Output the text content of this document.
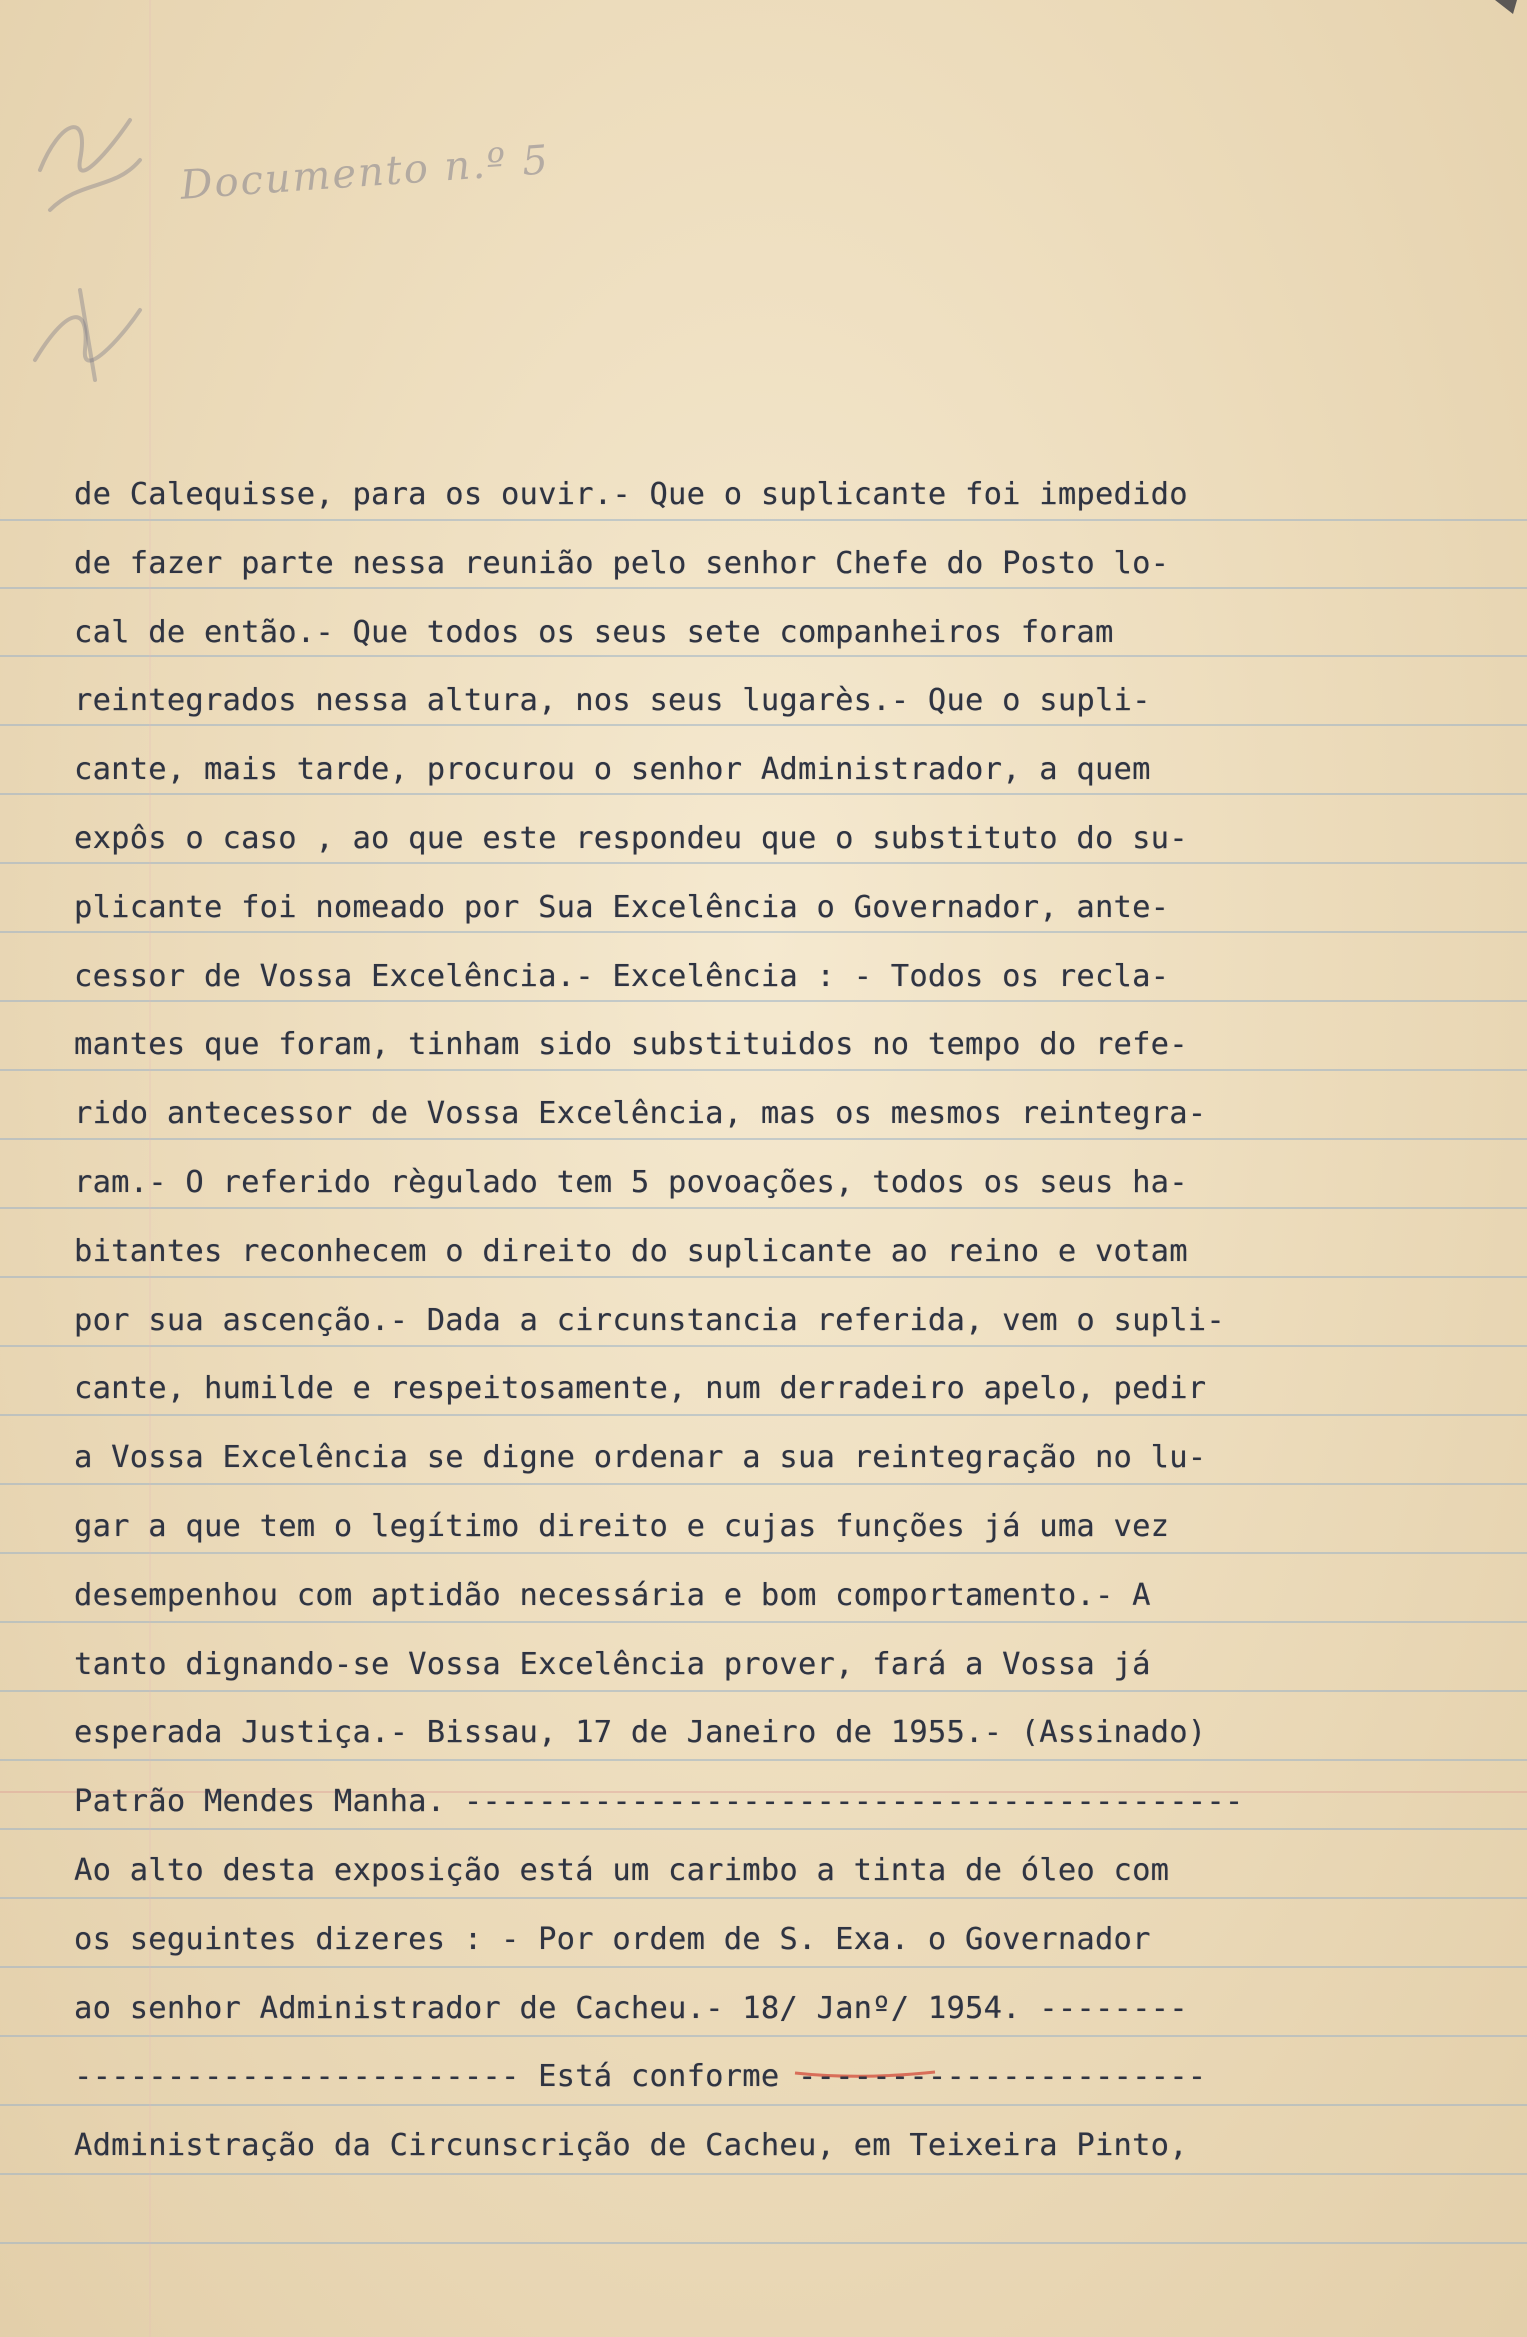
Documento n.º 5
de Calequisse, para os ouvir.- Que o suplicante foi impedido
de fazer parte nessa reunião pelo senhor Chefe do Posto lo-
cal de então.- Que todos os seus sete companheiros foram
reintegrados nessa altura, nos seus lugarès.- Que o supli-
cante, mais tarde, procurou o senhor Administrador, a quem
expôs o caso , ao que este respondeu que o substituto do su-
plicante foi nomeado por Sua Excelência o Governador, ante-
cessor de Vossa Excelência.- Excelência : - Todos os recla-
mantes que foram, tinham sido substituidos no tempo do refe-
rido antecessor de Vossa Excelência, mas os mesmos reintegra-
ram.- O referido règulado tem 5 povoações, todos os seus ha-
bitantes reconhecem o direito do suplicante ao reino e votam
por sua ascenção.- Dada a circunstancia referida, vem o supli-
cante, humilde e respeitosamente, num derradeiro apelo, pedir
a Vossa Excelência se digne ordenar a sua reintegração no lu-
gar a que tem o legítimo direito e cujas funções já uma vez
desempenhou com aptidão necessária e bom comportamento.- A
tanto dignando-se Vossa Excelência prover, fará a Vossa já
esperada Justiça.- Bissau, 17 de Janeiro de 1955.- (Assinado)
Patrão Mendes Manha. ------------------------------------------
Ao alto desta exposição está um carimbo a tinta de óleo com
os seguintes dizeres : - Por ordem de S. Exa. o Governador
ao senhor Administrador de Cacheu.- 18/ Janº/ 1954. --------
------------------------ Está conforme ----------------------
Administração da Circunscrição de Cacheu, em Teixeira Pinto,
